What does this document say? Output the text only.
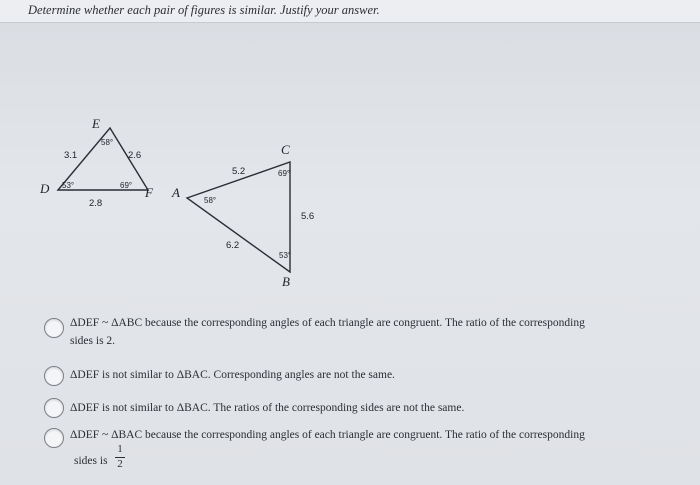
Determine whether each pair of figures is similar. Justify your answer.
E
D	F
3.1	2.6
2.8
58°
53°	69°	A
C
B
5.2
6.2
5.6
58°
69°
53°
ΔDEF ~ ΔABC because the corresponding angles of each triangle are congruent. The ratio of the corresponding
sides is 2.
ΔDEF is not similar to ΔBAC. Corresponding angles are not the same.
ΔDEF is not similar to ΔBAC. The ratios of the corresponding sides are not the same.
ΔDEF ~ ΔBAC because the corresponding angles of each triangle are congruent. The ratio of the corresponding
sides is
1
2
